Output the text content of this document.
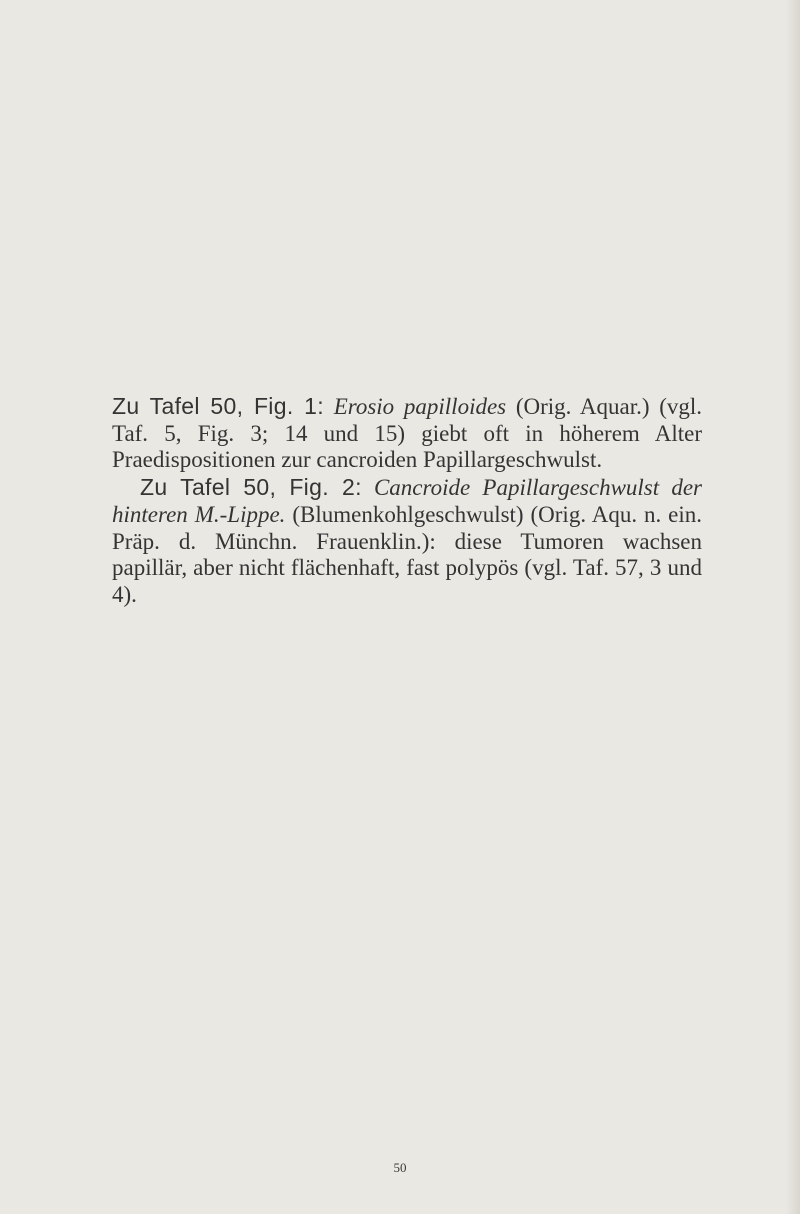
Zu Tafel 50, Fig. 1: Erosio papilloides (Orig. Aquar.) (vgl. Taf. 5, Fig. 3; 14 und 15) giebt oft in höherem Alter Praedispositionen zur cancroiden Papillargeschwulst.

Zu Tafel 50, Fig. 2: Cancroide Papillargeschwulst der hinteren M.-Lippe. (Blumenkohlgeschwulst) (Orig. Aqu. n. ein. Präp. d. Münchn. Frauenklin.): diese Tumoren wachsen papillär, aber nicht flächenhaft, fast polypös (vgl. Taf. 57, 3 und 4).

50
